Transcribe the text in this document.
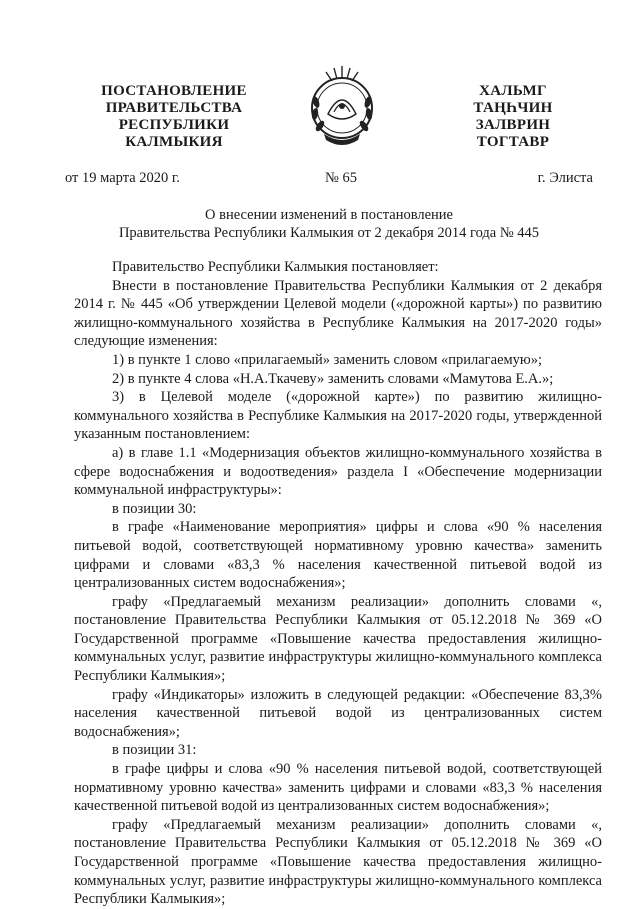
ПОСТАНОВЛЕНИЕ
ПРАВИТЕЛЬСТВА
РЕСПУБЛИКИ
КАЛМЫКИЯ
ХАЛЬМГ
ТАҢҺЧИН
ЗАЛВРИН
ТОГТАВР
от 19 марта 2020 г.	№ 65	г. Элиста
О внесении изменений в постановление
Правительства Республики Калмыкия от 2 декабря 2014 года № 445

Правительство Республики Калмыкия постановляет:

Внести в постановление Правительства Республики Калмыкия от 2 декабря 2014 г. № 445 «Об утверждении Целевой модели («дорожной карты») по развитию жилищно-коммунального хозяйства в Республике Калмыкия на 2017-2020 годы» следующие изменения:

1) в пункте 1 слово «прилагаемый» заменить словом «прилагаемую»;

2) в пункте 4 слова «Н.А.Ткачеву» заменить словами «Мамутова Е.А.»;

3) в Целевой моделе («дорожной карте») по развитию жилищно-коммунального хозяйства в Республике Калмыкия на 2017-2020 годы, утвержденной указанным постановлением:

а) в главе 1.1 «Модернизация объектов жилищно-коммунального хозяйства в сфере водоснабжения и водоотведения» раздела I «Обеспечение модернизации коммунальной инфраструктуры»:

в позиции 30:

в графе «Наименование мероприятия» цифры и слова «90 % населения питьевой водой, соответствующей нормативному уровню качества» заменить цифрами и словами «83,3 % населения качественной питьевой водой из централизованных систем водоснабжения»;

графу «Предлагаемый механизм реализации» дополнить словами «, постановление Правительства Республики Калмыкия от 05.12.2018 № 369 «О Государственной программе «Повышение качества предоставления жилищно-коммунальных услуг, развитие инфраструктуры жилищно-коммунального комплекса Республики Калмыкия»;

графу «Индикаторы» изложить в следующей редакции: «Обеспечение 83,3% населения качественной питьевой водой из централизованных систем водоснабжения»;

в позиции 31:

в графе цифры и слова «90 % населения питьевой водой, соответствующей нормативному уровню качества» заменить цифрами и словами «83,3 % населения качественной питьевой водой из централизованных систем водоснабжения»;

графу «Предлагаемый механизм реализации» дополнить словами «, постановление Правительства Республики Калмыкия от 05.12.2018 № 369 «О Государственной программе «Повышение качества предоставления жилищно-коммунальных услуг, развитие инфраструктуры жилищно-коммунального комплекса Республики Калмыкия»;
